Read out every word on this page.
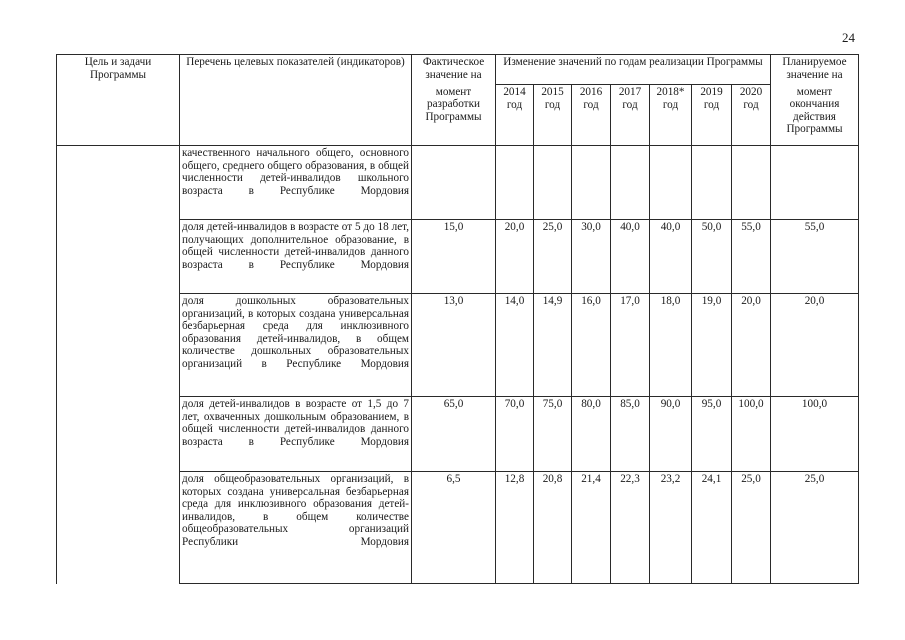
24
Цель и задачи Программы	Перечень целевых показателей (индикаторов)	Фактическое значение на	Изменение значений по годам реализации Программы							Планируемое значение на
		момент разработки Программы	2014 год	2015 год	2016 год	2017 год	2018* год	2019 год	2020 год	момент окончания действия Программы
	качественного начального общего, основного общего, среднего общего образования, в общей численности детей-инвалидов школьного возраста в Республике Мордовия									
	доля детей-инвалидов в возрасте от 5 до 18 лет, получающих дополнительное образование, в общей численности детей-инвалидов данного возраста в Республике Мордовия	15,0	20,0	25,0	30,0	40,0	40,0	50,0	55,0	55,0
	доля дошкольных образовательных организаций, в которых создана универсальная безбарьерная среда для инклюзивного образования детей-инвалидов, в общем количестве дошкольных образовательных организаций в Республике Мордовия	13,0	14,0	14,9	16,0	17,0	18,0	19,0	20,0	20,0
	доля детей-инвалидов в возрасте от 1,5 до 7 лет, охваченных дошкольным образованием, в общей численности детей-инвалидов данного возраста в Республике Мордовия	65,0	70,0	75,0	80,0	85,0	90,0	95,0	100,0	100,0
	доля общеобразовательных организаций, в которых создана универсальная безбарьерная среда для инклюзивного образования детей-инвалидов, в общем количестве общеобразовательных организаций Республики Мордовия	6,5	12,8	20,8	21,4	22,3	23,2	24,1	25,0	25,0
